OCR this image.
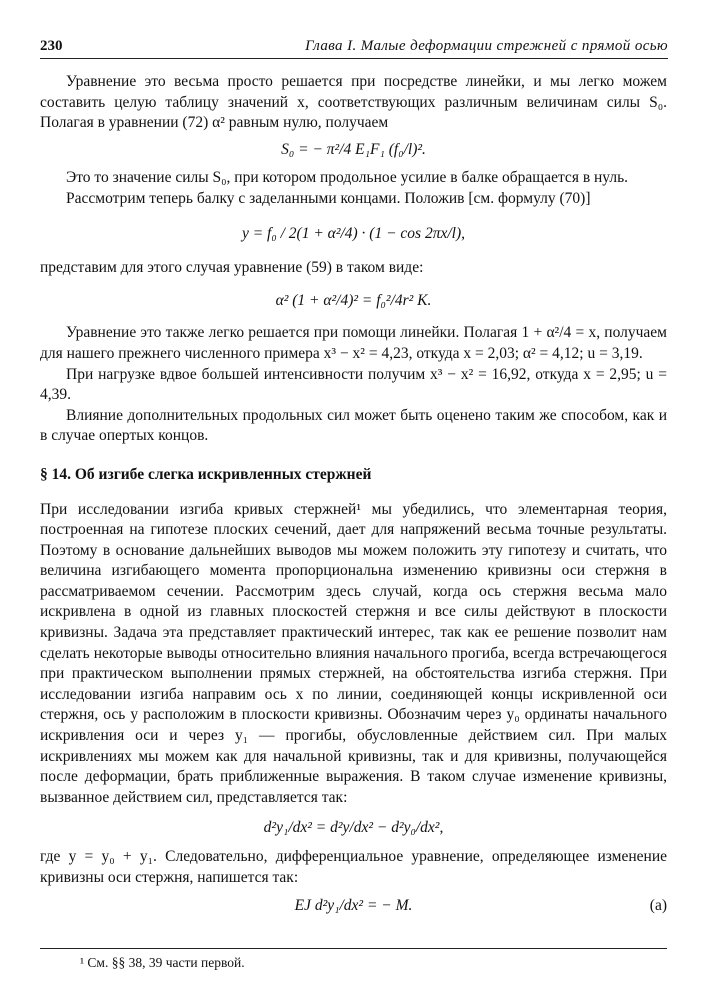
230	Глава I. Малые деформации стрежней с прямой осью

Уравнение это весьма просто решается при посредстве линейки, и мы легко можем составить целую таблицу значений x, соответствующих различным величинам силы S₀. Полагая в уравнении (72) α² равным нулю, получаем

S₀ = − π²/4 E₁F₁ (f₀/l)².

Это то значение силы S₀, при котором продольное усилие в балке обращается в нуль.

Рассмотрим теперь балку с заделанными концами. Положив [см. формулу (70)]

y = f₀ / 2(1 + α²/4) · (1 − cos 2πx/l),

представим для этого случая уравнение (59) в таком виде:

α² (1 + α²/4)² = f₀²/4r² K.

Уравнение это также легко решается при помощи линейки. Полагая 1 + α²/4 = x, получаем для нашего прежнего численного примера x³ − x² = 4,23, откуда x = 2,03; α² = 4,12; u = 3,19.

При нагрузке вдвое большей интенсивности получим x³ − x² = 16,92, откуда x = 2,95; u = 4,39.

Влияние дополнительных продольных сил может быть оценено таким же способом, как и в случае опертых концов.

§ 14. Об изгибе слегка искривленных стержней

При исследовании изгиба кривых стержней¹ мы убедились, что элементарная теория, построенная на гипотезе плоских сечений, дает для напряжений весьма точные результаты. Поэтому в основание дальнейших выводов мы можем положить эту гипотезу и считать, что величина изгибающего момента пропорциональна изменению кривизны оси стержня в рассматриваемом сечении. Рассмотрим здесь случай, когда ось стержня весьма мало искривлена в одной из главных плоскостей стержня и все силы действуют в плоскости кривизны. Задача эта представляет практический интерес, так как ее решение позволит нам сделать некоторые выводы относительно влияния начального прогиба, всегда встречающегося при практическом выполнении прямых стержней, на обстоятельства изгиба стержня. При исследовании изгиба направим ось x по линии, соединяющей концы искривленной оси стержня, ось y расположим в плоскости кривизны. Обозначим через y₀ ординаты начального искривления оси и через y₁ — прогибы, обусловленные действием сил. При малых искривлениях мы можем как для начальной кривизны, так и для кривизны, получающейся после деформации, брать приближенные выражения. В таком случае изменение кривизны, вызванное действием сил, представляется так:

d²y₁/dx² = d²y/dx² − d²y₀/dx²,

где y = y₀ + y₁. Следовательно, дифференциальное уравнение, определяющее изменение кривизны оси стержня, напишется так:

EJ d²y₁/dx² = − M.	(a)
¹ См. §§ 38, 39 части первой.
